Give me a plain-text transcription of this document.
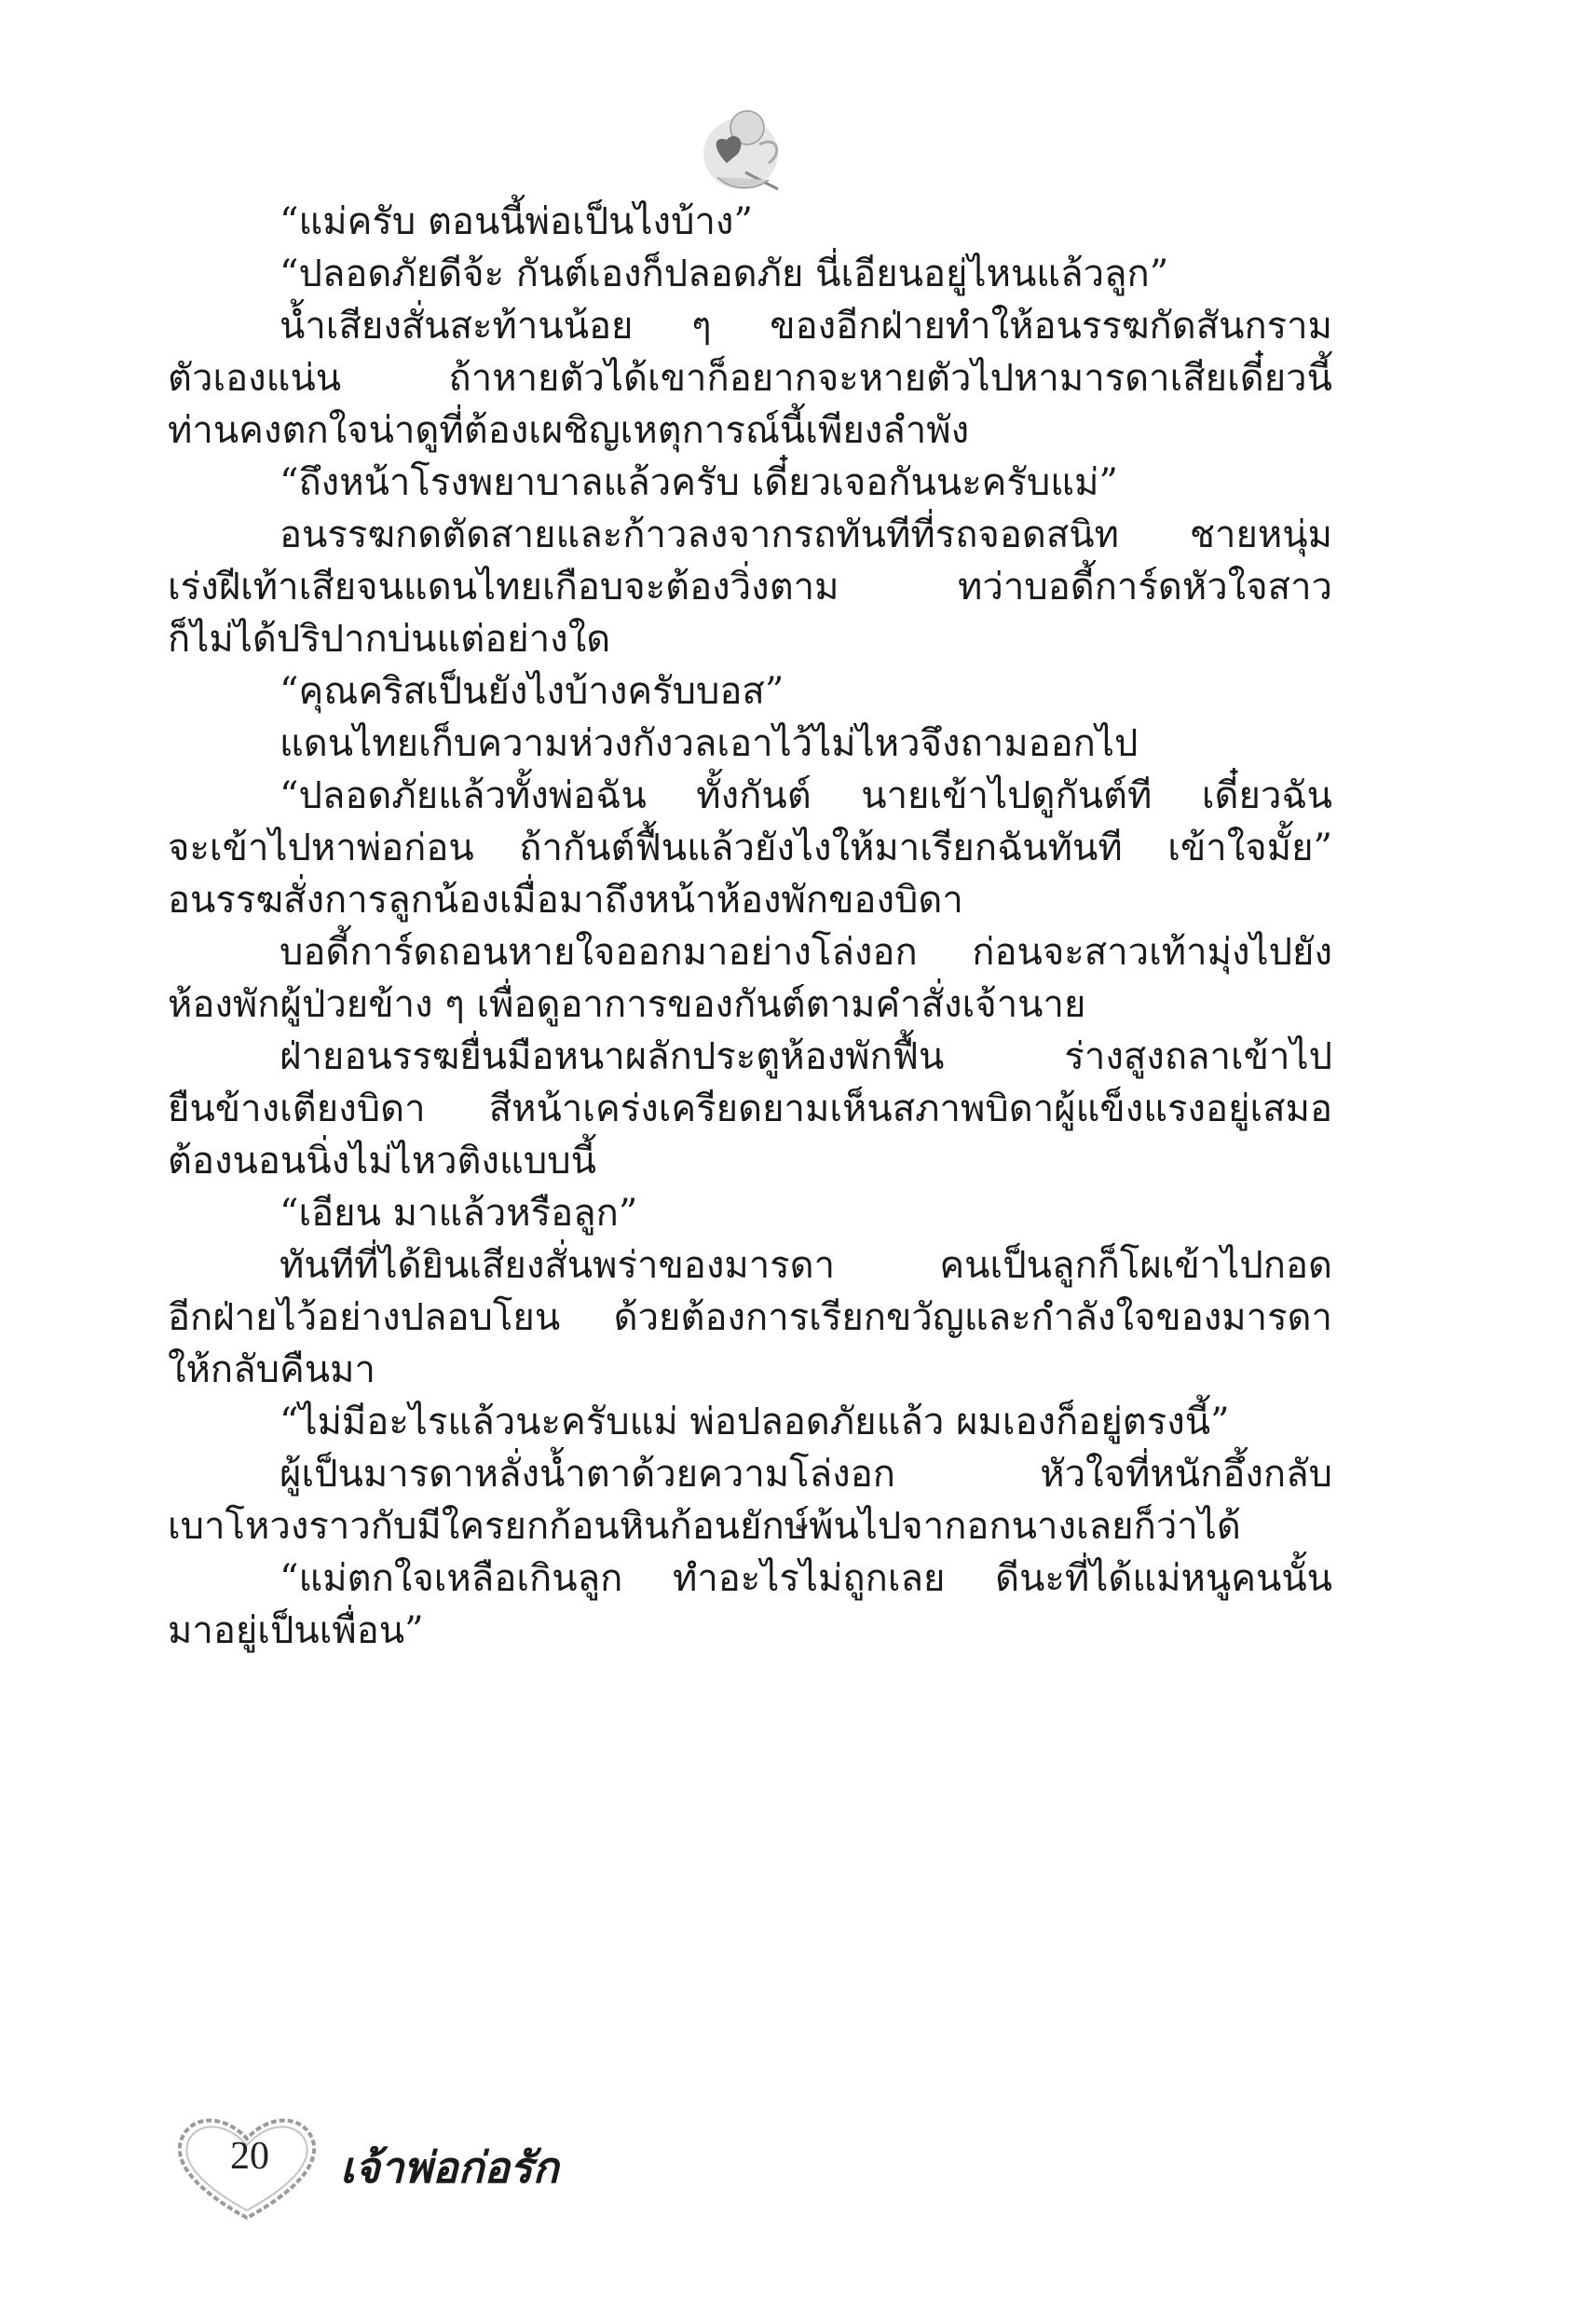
“แม่ครับ ตอนนี้พ่อเป็นไงบ้าง”

“ปลอดภัยดีจ้ะ กันต์เองก็ปลอดภัย นี่เอียนอยู่ไหนแล้วลูก”

น้ำเสียงสั่นสะท้านน้อย ๆ ของอีกฝ่ายทำให้อนรรฆกัดสันกราม

ตัวเองแน่น ถ้าหายตัวได้เขาก็อยากจะหายตัวไปหามารดาเสียเดี๋ยวนี้

ท่านคงตกใจน่าดูที่ต้องเผชิญเหตุการณ์นี้เพียงลำพัง

“ถึงหน้าโรงพยาบาลแล้วครับ เดี๋ยวเจอกันนะครับแม่”

อนรรฆกดตัดสายและก้าวลงจากรถทันทีที่รถจอดสนิท ชายหนุ่ม

เร่งฝีเท้าเสียจนแดนไทยเกือบจะต้องวิ่งตาม ทว่าบอดี้การ์ดหัวใจสาว

ก็ไม่ได้ปริปากบ่นแต่อย่างใด

“คุณคริสเป็นยังไงบ้างครับบอส”

แดนไทยเก็บความห่วงกังวลเอาไว้ไม่ไหวจึงถามออกไป

“ปลอดภัยแล้วทั้งพ่อฉัน ทั้งกันต์ นายเข้าไปดูกันต์ที เดี๋ยวฉัน

จะเข้าไปหาพ่อก่อน ถ้ากันต์ฟื้นแล้วยังไงให้มาเรียกฉันทันที เข้าใจมั้ย”

อนรรฆสั่งการลูกน้องเมื่อมาถึงหน้าห้องพักของบิดา

บอดี้การ์ดถอนหายใจออกมาอย่างโล่งอก ก่อนจะสาวเท้ามุ่งไปยัง

ห้องพักผู้ป่วยข้าง ๆ เพื่อดูอาการของกันต์ตามคำสั่งเจ้านาย

ฝ่ายอนรรฆยื่นมือหนาผลักประตูห้องพักฟื้น ร่างสูงถลาเข้าไป

ยืนข้างเตียงบิดา สีหน้าเคร่งเครียดยามเห็นสภาพบิดาผู้แข็งแรงอยู่เสมอ

ต้องนอนนิ่งไม่ไหวติงแบบนี้

“เอียน มาแล้วหรือลูก”

ทันทีที่ได้ยินเสียงสั่นพร่าของมารดา คนเป็นลูกก็โผเข้าไปกอด

อีกฝ่ายไว้อย่างปลอบโยน ด้วยต้องการเรียกขวัญและกำลังใจของมารดา

ให้กลับคืนมา

“ไม่มีอะไรแล้วนะครับแม่ พ่อปลอดภัยแล้ว ผมเองก็อยู่ตรงนี้”

ผู้เป็นมารดาหลั่งน้ำตาด้วยความโล่งอก หัวใจที่หนักอึ้งกลับ

เบาโหวงราวกับมีใครยกก้อนหินก้อนยักษ์พ้นไปจากอกนางเลยก็ว่าได้

“แม่ตกใจเหลือเกินลูก ทำอะไรไม่ถูกเลย ดีนะที่ได้แม่หนูคนนั้น

มาอยู่เป็นเพื่อน”

20 เจ้าพ่อก่อรัก
